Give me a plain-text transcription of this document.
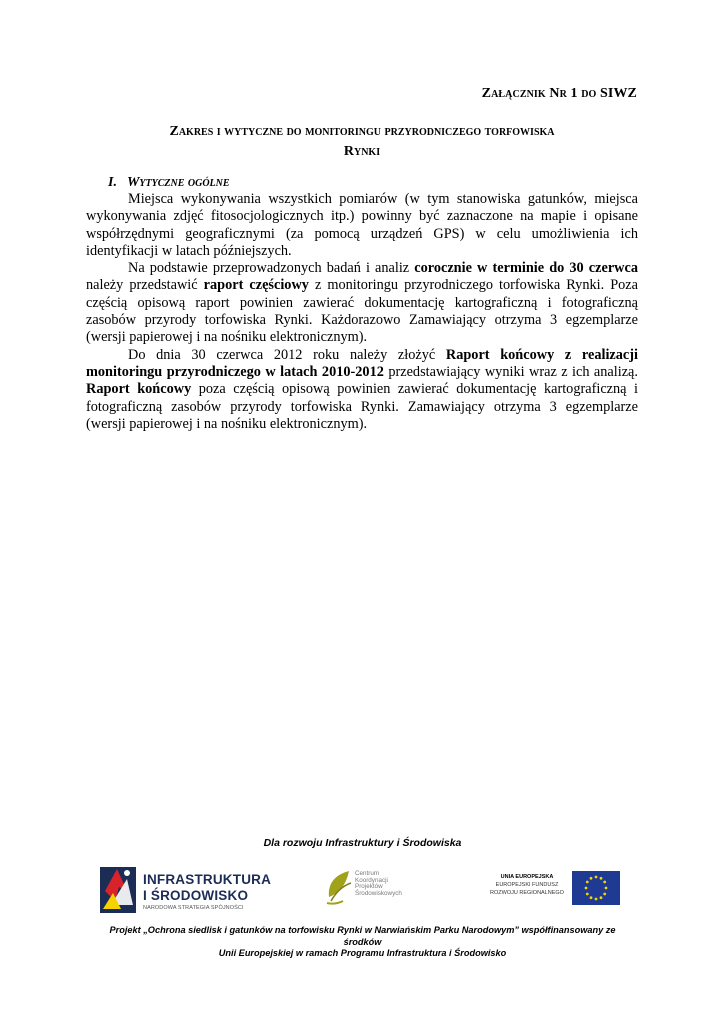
Załącznik Nr 1 do SIWZ
Zakres i wytyczne do monitoringu przyrodniczego torfowiska
Rynki
I. Wytyczne ogólne

Miejsca wykonywania wszystkich pomiarów (w tym stanowiska gatunków, miejsca wykonywania zdjęć fitosocjologicznych itp.) powinny być zaznaczone na mapie i opisane współrzędnymi geograficznymi (za pomocą urządzeń GPS) w celu umożliwienia ich identyfikacji w latach późniejszych.

Na podstawie przeprowadzonych badań i analiz corocznie w terminie do 30 czerwca należy przedstawić raport częściowy z monitoringu przyrodniczego torfowiska Rynki. Poza częścią opisową raport powinien zawierać dokumentację kartograficzną i fotograficzną zasobów przyrody torfowiska Rynki. Każdorazowo Zamawiający otrzyma 3 egzemplarze (wersji papierowej i na nośniku elektronicznym).

Do dnia 30 czerwca 2012 roku należy złożyć Raport końcowy z realizacji monitoringu przyrodniczego w latach 2010-2012 przedstawiający wyniki wraz z ich analizą. Raport końcowy poza częścią opisową powinien zawierać dokumentację kartograficzną i fotograficzną zasobów przyrody torfowiska Rynki. Zamawiający otrzyma 3 egzemplarze (wersji papierowej i na nośniku elektronicznym).

Dla rozwoju Infrastruktury i Środowiska
INFRASTRUKTURA
I ŚRODOWISKO
NARODOWA STRATEGIA SPÓJNOŚCI
Centrum
Koordynacji
Projektów
Środowiskowych
UNIA EUROPEJSKA
EUROPEJSKI FUNDUSZ
ROZWOJU REGIONALNEGO
Projekt „Ochrona siedlisk i gatunków na torfowisku Rynki w Narwiańskim Parku Narodowym” współfinansowany ze
środków
Unii Europejskiej w ramach Programu Infrastruktura i Środowisko
